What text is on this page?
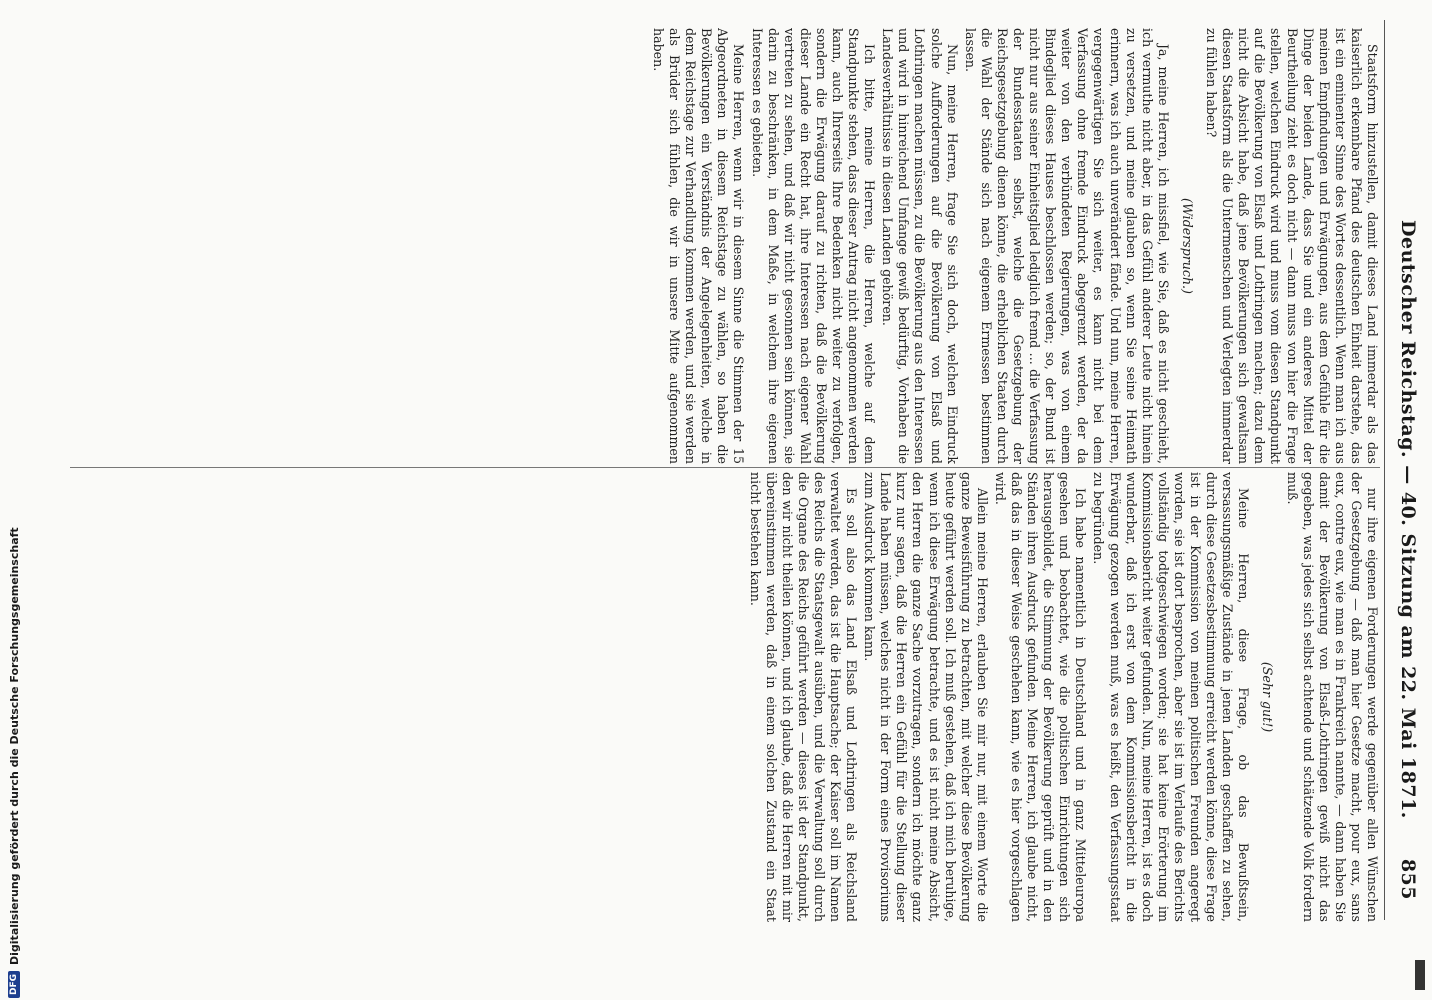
Deutscher Reichstag. — 40. Sitzung am 22. Mai 1871.
855

Staatsform hinzustellen, damit dieses Land immerdar als das kaiserlich erkennbare Pfand des deutschen Einheit darstehe, das ist ein eminenter Sinne des Wortes dessentlich. Wenn man ich aus meinen Empfindungen und Erwägungen, aus dem Gefühle für die Dinge der beiden Lande, dass Sie und ein anderes Mittel der Beurtheilung zieht es doch nicht — dann muss von hier die Frage stellen, welchen Eindruck wird und muss vom diesen Standpunkt auf die Bevölkerung von Elsaß und Lothringen machen; dazu dem nicht die Absicht habe, daß jene Bevölkerungen sich gewaltsam diesen Staatsform als die Untermenschen und Verlegten immerdar zu fühlen haben?

(Widerspruch.)

Ja, meine Herren, ich missfiel, wie Sie, daß es nicht geschieht, ich vermuthe nicht aber, in das Gefühl anderer Leute nicht hinein zu versetzen, und meine glauben so, wenn Sie seine Heimath erinnern, was ich auch unverändert fände. Und nun, meine Herren, vergegenwärtigen Sie sich weiter, es kann nicht bei dem Verfassung ohne fremde Eindruck abgegrenzt werden, der da weiter von den verbündeten Regierungen, was von einem Bindeglied dieses Hauses beschlossen werden; so, der Bund ist nicht nur aus seiner Einheitsglied lediglich fremd ... die Verfassung der Bundesstaaten selbst, welche die Gesetzgebung der Reichsgesetzgebung dienen könne, die erheblichen Staaten durch die Wahl der Stände sich nach eigenem Ermessen bestimmen lassen.

Nun, meine Herren, frage Sie sich doch, welchen Eindruck solche Aufforderungen auf die Bevölkerung von Elsaß und Lothringen machen müssen, zu die Bevölkerung aus den Interessen und wird in hinreichend Umfange gewiß bedürftig, Vorhaben die Landesverhältnisse in diesen Landen gehören.

Ich bitte, meine Herren, die Herren, welche auf dem Standpunkte stehen, dass dieser Antrag nicht angenommen werden kann, auch Ihrerseits Ihre Bedenken nicht weiter zu verfolgen, sondern die Erwägung darauf zu richten, daß die Bevölkerung dieser Lande ein Recht hat, ihre Interessen nach eigener Wahl vertreten zu sehen, und daß wir nicht gesonnen sein können, sie darin zu beschränken, in dem Maße, in welchem ihre eigenen Interessen es gebieten.

Meine Herren, wenn wir in diesem Sinne die Stimmen der 15 Abgeordneten in diesem Reichstage zu wählen, so haben die Bevölkerungen ein Verständnis der Angelegenheiten, welche in dem Reichstage zur Verhandlung kommen werden, und sie werden als Brüder sich fühlen, die wir in unsere Mitte aufgenommen haben.

nur ihre eigenen Forderungen werde gegenüber allen Wünschen der Gesetzgebung — daß man hier Gesetze macht, pour eux, sans eux, contre eux, wie man es in Frankreich nannte, — dann haben Sie damit der Bevölkerung von Elsaß-Lothringen gewiß nicht das gegeben, was jedes sich selbst achtende und schätzende Volk fordern muß.

(Sehr gut!)

Meine Herren, diese Frage, ob das Bewußtsein, versassungsmäßige Zustände in jenen Landen geschaffen zu sehen, durch diese Gesetzesbestimmung erreicht werden könne, diese Frage ist in der Kommission von meinen politischen Freunden angeregt worden, sie ist dort besprochen, aber sie ist im Verlaufe des Berichts vollständig todtgeschwiegen worden; sie hat keine Erörterung im Kommissionsbericht weiter gefunden. Nun, meine Herren, ist es doch wunderbar, daß ich erst von dem Kommissionsbericht in die Erwägung gezogen werden muß, was es heißt, den Verfassungsstaat zu begründen.

Ich habe namentlich in Deutschland und in ganz Mitteleuropa gesehen und beobachtet, wie die politischen Einrichtungen sich herausgebildet, die Stimmung der Bevölkerung geprüft und in den Ständen ihren Ausdruck gefunden. Meine Herren, ich glaube nicht, daß das in dieser Weise geschehen kann, wie es hier vorgeschlagen wird.

Allein meine Herren, erlauben Sie mir nur, mit einem Worte die ganze Beweisführung zu betrachten, mit welcher diese Bevölkerung heute geführt werden soll. Ich muß gestehen, daß ich mich beruhige, wenn ich diese Erwägung betrachte, und es ist nicht meine Absicht, den Herren die ganze Sache vorzutragen, sondern ich möchte ganz kurz nur sagen, daß die Herren ein Gefühl für die Stellung dieser Lande haben müssen, welches nicht in der Form eines Provisoriums zum Ausdruck kommen kann.

Es soll also das Land Elsaß und Lothringen als Reichsland verwaltet werden, das ist die Hauptsache; der Kaiser soll im Namen des Reichs die Staatsgewalt ausüben, und die Verwaltung soll durch die Organe des Reichs geführt werden — dieses ist der Standpunkt, den wir nicht theilen können, und ich glaube, daß die Herren mit mir übereinstimmen werden, daß in einem solchen Zustand ein Staat nicht bestehen kann.

DFG
Digitalisierung gefördert durch die Deutsche Forschungsgemeinschaft
